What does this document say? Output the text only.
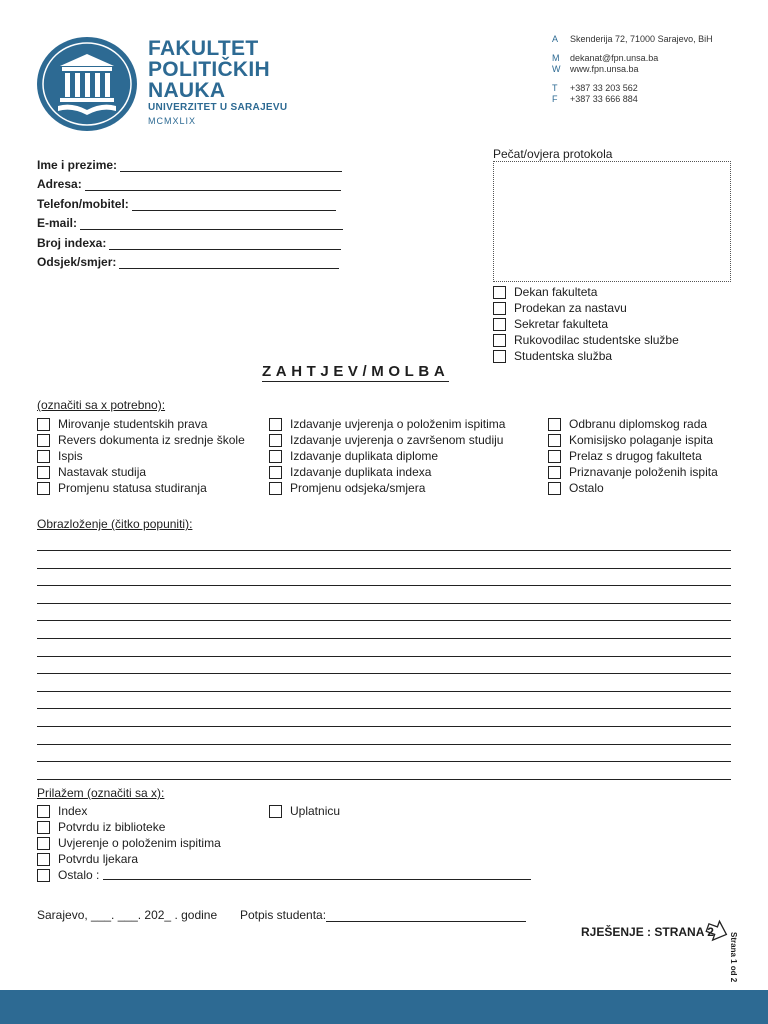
FAKULTET
POLITIČKIH
NAUKA
UNIVERZITET U SARAJEVU
MCMXLIX
A	Skenderija 72, 71000 Sarajevo, BiH
M	dekanat@fpn.unsa.ba
W	www.fpn.unsa.ba
T	+387 33 203 562
F	+387 33 666 884
Ime i prezime:
Adresa:
Telefon/mobitel:
E-mail:
Broj indexa:
Odsjek/smjer:
Pečat/ovjera protokola
Dekan fakulteta
Prodekan za nastavu
Sekretar fakulteta
Rukovodilac studentske službe
Studentska služba
ZAHTJEV/MOLBA
(označiti sa x potrebno):
Mirovanje studentskih prava
Revers dokumenta iz srednje škole
Ispis
Nastavak studija
Promjenu statusa studiranja
Izdavanje uvjerenja o položenim ispitima
Izdavanje uvjerenja o završenom studiju
Izdavanje duplikata diplome
Izdavanje duplikata indexa
Promjenu odsjeka/smjera
Odbranu diplomskog rada
Komisijsko polaganje ispita
Prelaz s drugog fakulteta
Priznavanje položenih ispita
Ostalo
Obrazloženje (čitko popuniti):
Prilažem (označiti sa x):
Index
Potvrdu iz biblioteke
Uvjerenje o položenim ispitima
Potvrdu ljekara
Ostalo :
Uplatnicu
Sarajevo, ___. ___. 202_ . godine Potpis studenta:
RJEŠENJE : STRANA 2 Strana 1 od 2
